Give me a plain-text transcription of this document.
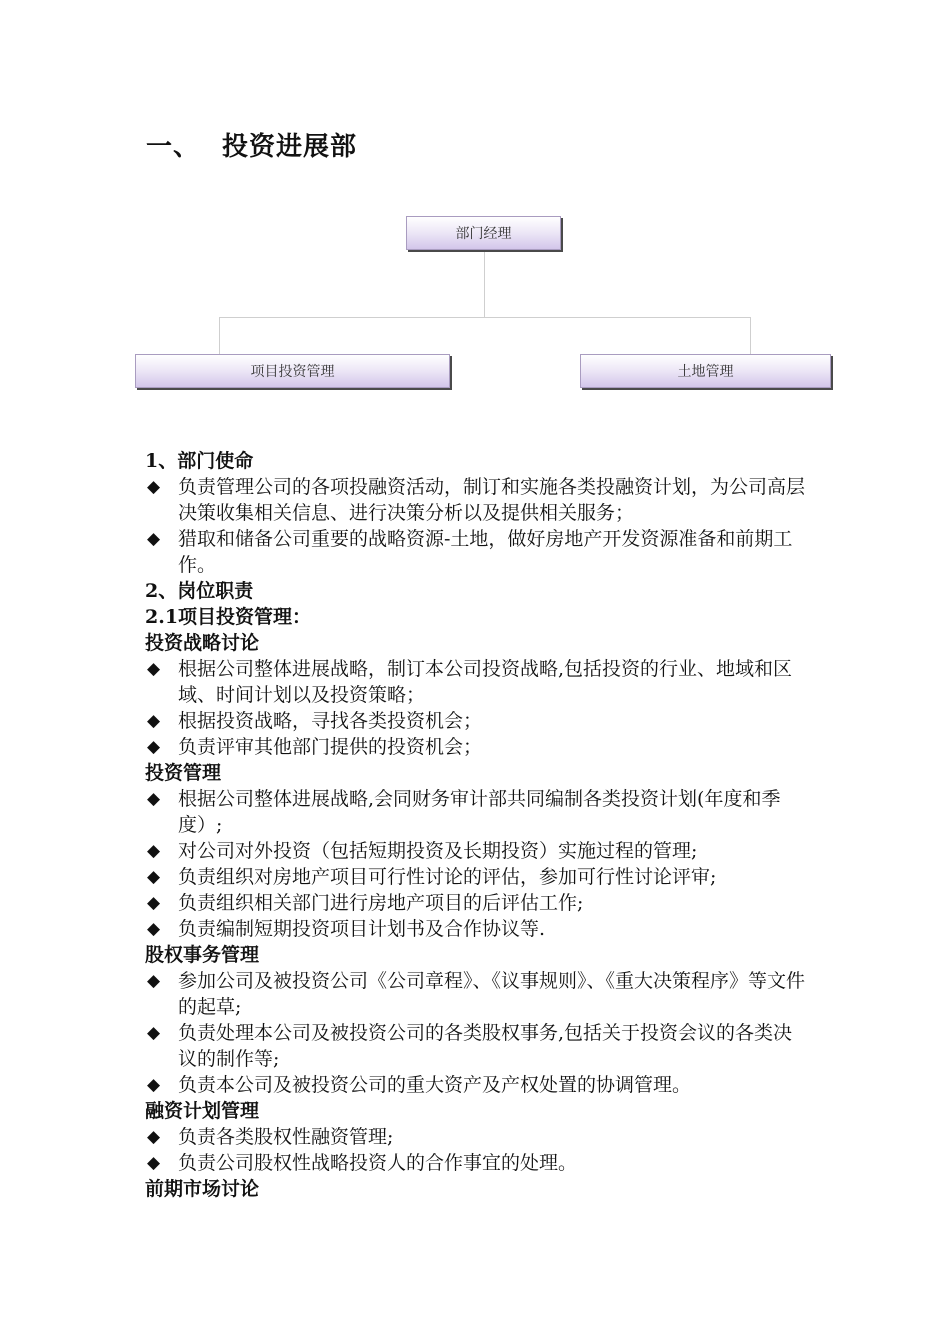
一、 投资进展部
部门经理
项目投资管理	土地管理
1、部门使命
◆ 负责管理公司的各项投融资活动，制订和实施各类投融资计划，为公司高层决策收集相关信息、进行决策分析以及提供相关服务；
◆ 猎取和储备公司重要的战略资源-土地，做好房地产开发资源准备和前期工作。
2、岗位职责
2.1项目投资管理：
投资战略讨论
◆ 根据公司整体进展战略，制订本公司投资战略,包括投资的行业、地域和区域、时间计划以及投资策略；
◆ 根据投资战略，寻找各类投资机会；
◆ 负责评审其他部门提供的投资机会；
投资管理
◆ 根据公司整体进展战略,会同财务审计部共同编制各类投资计划(年度和季度）;
◆ 对公司对外投资（包括短期投资及长期投资）实施过程的管理;
◆ 负责组织对房地产项目可行性讨论的评估，参加可行性讨论评审;
◆ 负责组织相关部门进行房地产项目的后评估工作;
◆ 负责编制短期投资项目计划书及合作协议等.
股权事务管理
◆ 参加公司及被投资公司《公司章程》、《议事规则》、《重大决策程序》等文件的起草;
◆ 负责处理本公司及被投资公司的各类股权事务,包括关于投资会议的各类决议的制作等;
◆ 负责本公司及被投资公司的重大资产及产权处置的协调管理。
融资计划管理
◆ 负责各类股权性融资管理;
◆ 负责公司股权性战略投资人的合作事宜的处理。
前期市场讨论
